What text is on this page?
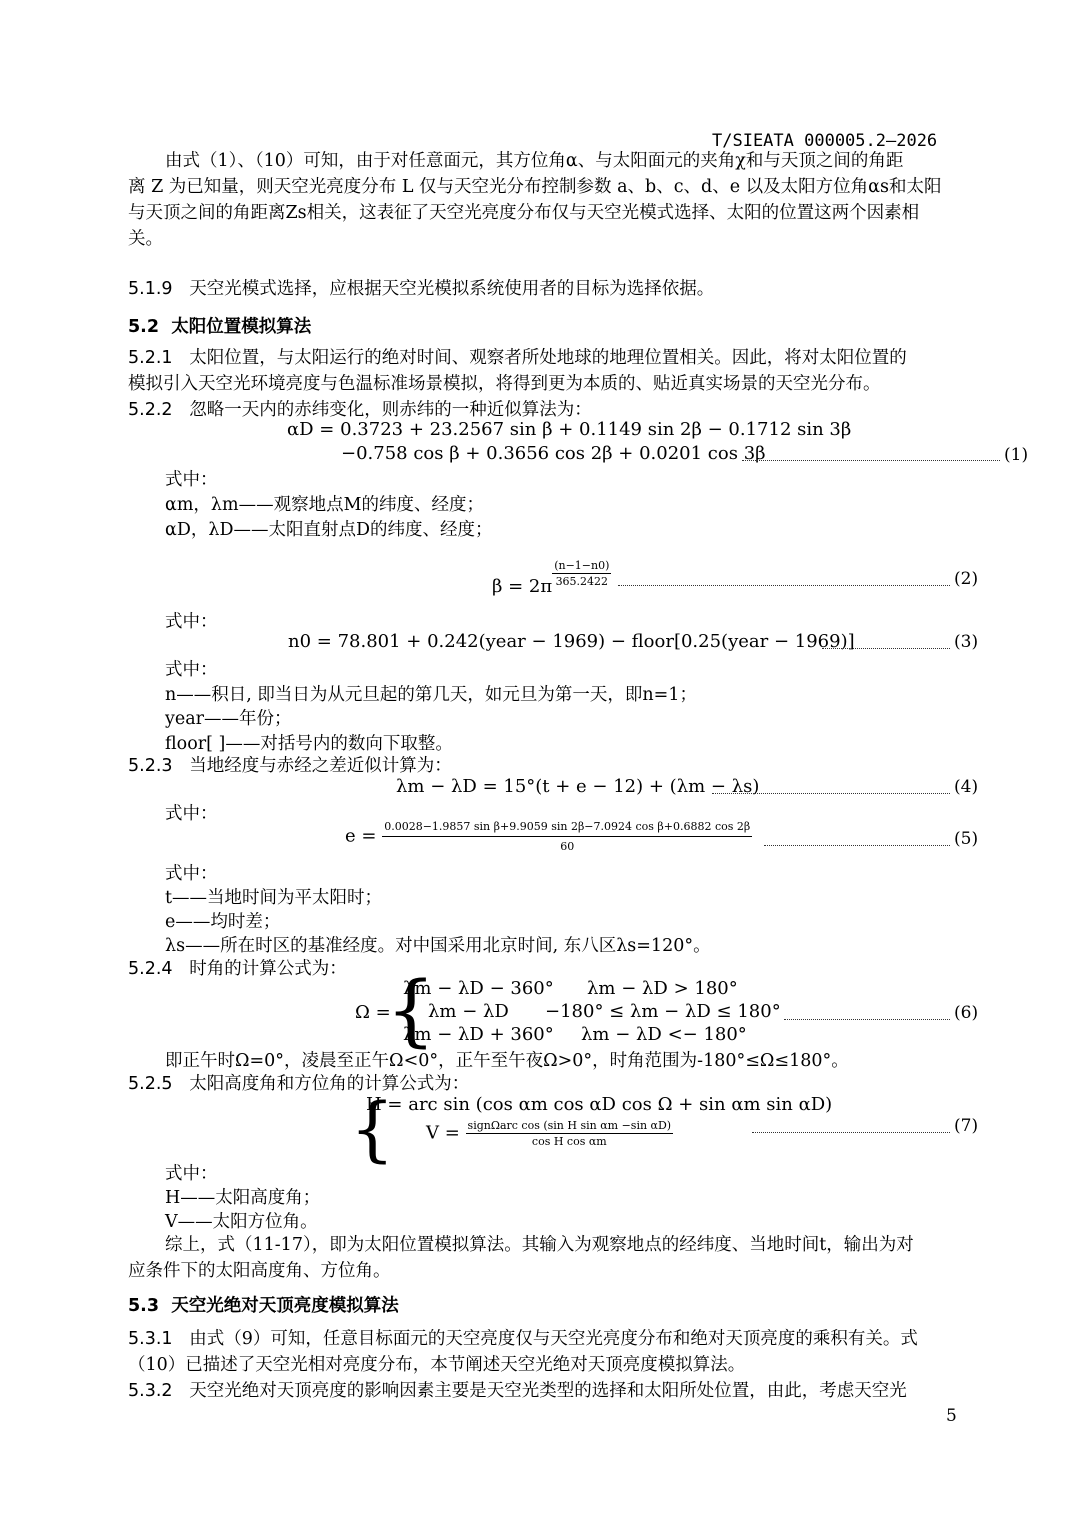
T/SIEATA 000005.2—2026
由式（1）、（10）可知，由于对任意面元，其方位角α、与太阳面元的夹角χ和与天顶之间的角距
离 Z 为已知量，则天空光亮度分布 L 仅与天空光分布控制参数 a、b、c、d、e 以及太阳方位角αs和太阳
与天顶之间的角距离Zs相关，这表征了天空光亮度分布仅与天空光模式选择、太阳的位置这两个因素相
关。
5.1.9 天空光模式选择，应根据天空光模拟系统使用者的目标为选择依据。
5.2 太阳位置模拟算法
5.2.1 太阳位置，与太阳运行的绝对时间、观察者所处地球的地理位置相关。因此，将对太阳位置的
模拟引入天空光环境亮度与色温标准场景模拟，将得到更为本质的、贴近真实场景的天空光分布。
5.2.2 忽略一天内的赤纬变化，则赤纬的一种近似算法为：
αD = 0.3723 + 23.2567 sin β + 0.1149 sin 2β − 0.1712 sin 3β
−0.758 cos β + 0.3656 cos 2β + 0.0201 cos 3β	(1)
式中：
αm，λm——观察地点M的纬度、经度；
αD，λD——太阳直射点D的纬度、经度；
$\beta = 2\pi \frac{(n-1-n0)}{365.2422}$	(2)
式中：
n0 = 78.801 + 0.242(year − 1969) − floor[0.25(year − 1969)]	(3)
式中：
n——积日, 即当日为从元旦起的第几天，如元旦为第一天，即n=1；
year——年份；
floor[ ]——对括号内的数向下取整。
5.2.3 当地经度与赤经之差近似计算为：
λm − λD = 15°(t + e − 12) + (λm − λs)	(4)
式中：
$e = \frac{\text{0.0028−1.9857 sin β+9.9059 sin 2β−7.0924 cos β+0.6882 cos 2β}}{60}$	(5)
式中：
t——当地时间为平太阳时；
e——均时差；
λs——所在时区的基准经度。对中国采用北京时间, 东八区λs=120°。
5.2.4 时角的计算公式为：
Ω =
{
λm − λD − 360° λm − λD > 180°
λm − λD −180° ≤ λm − λD ≤ 180°
λm − λD + 360° λm − λD <− 180°
(6)
即正午时Ω=0°，凌晨至正午Ω<0°，正午至午夜Ω>0°，时角范围为-180°≤Ω≤180°。
5.2.5 太阳高度角和方位角的计算公式为：
{
H = arc sin (cos αm cos αD cos Ω + sin αm sin αD)
$V = \frac{\text{signΩarc cos (sin H sin αm −sin αD)}}{\text{cos H cos αm}}$	(7)
式中：
H——太阳高度角；
V——太阳方位角。
综上，式（11-17），即为太阳位置模拟算法。其输入为观察地点的经纬度、当地时间t，输出为对
应条件下的太阳高度角、方位角。
5.3 天空光绝对天顶亮度模拟算法
5.3.1 由式（9）可知，任意目标面元的天空亮度仅与天空光亮度分布和绝对天顶亮度的乘积有关。式
（10）已描述了天空光相对亮度分布，本节阐述天空光绝对天顶亮度模拟算法。
5.3.2 天空光绝对天顶亮度的影响因素主要是天空光类型的选择和太阳所处位置，由此，考虑天空光
5
